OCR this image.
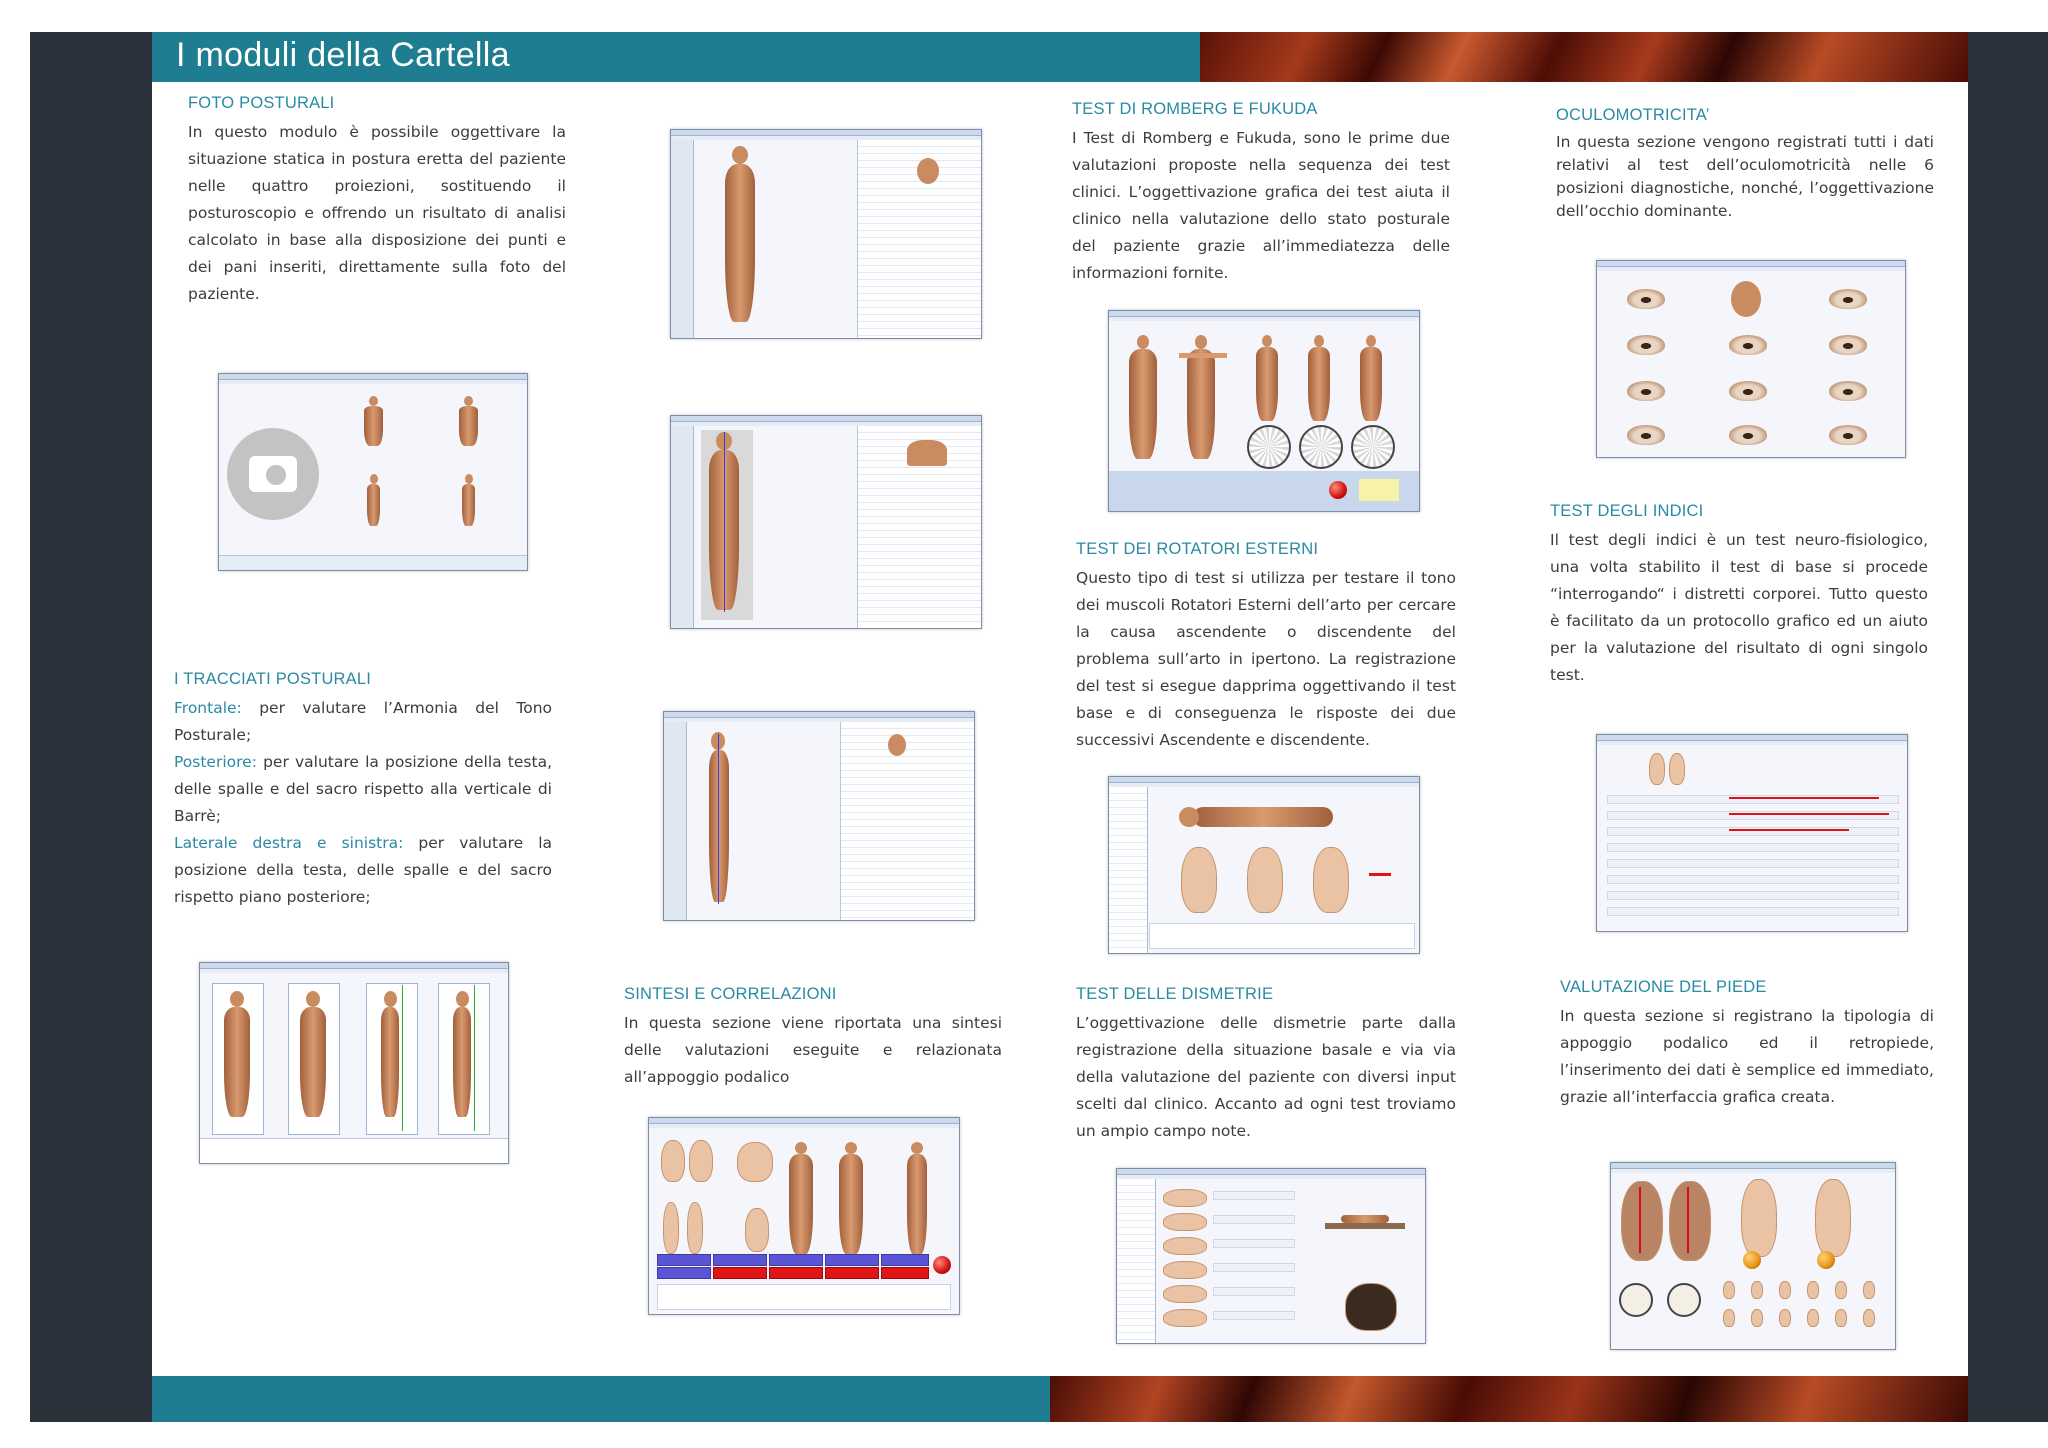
I moduli della Cartella
FOTO POSTURALI

In questo modulo è possibile oggettivare la situazione statica in postura eretta del paziente nelle quattro proiezioni, sostituendo il posturoscopio e offrendo un risultato di analisi calcolato in base alla disposizione dei punti e dei pani inseriti, direttamente sulla foto del paziente.

I TRACCIATI POSTURALI

Frontale: per valutare l’Armonia del Tono Posturale;

Posteriore: per valutare la posizione della testa, delle spalle e del sacro rispetto alla verticale di Barrè;

Laterale destra e sinistra: per valutare la posizione della testa, delle spalle e del sacro rispetto piano posteriore;

SINTESI E CORRELAZIONI

In questa sezione viene riportata una sintesi delle valutazioni eseguite e relazionata all’appoggio podalico

TEST DI ROMBERG E FUKUDA

I Test di Romberg e Fukuda, sono le prime due valutazioni proposte nella sequenza dei test clinici. L’oggettivazione grafica dei test aiuta il clinico nella valutazione dello stato posturale del paziente grazie all’immediatezza delle informazioni fornite.

TEST DEI ROTATORI ESTERNI

Questo tipo di test si utilizza per testare il tono dei muscoli Rotatori Esterni dell’arto per cercare la causa ascendente o discendente del problema sull’arto in ipertono. La registrazione del test si esegue dapprima oggettivando il test base e di conseguenza le risposte dei due successivi Ascendente e discendente.

TEST DELLE DISMETRIE

L’oggettivazione delle dismetrie parte dalla registrazione della situazione basale e via via della valutazione del paziente con diversi input scelti dal clinico. Accanto ad ogni test troviamo un ampio campo note.

OCULOMOTRICITA’

In questa sezione vengono registrati tutti i dati relativi al test dell’oculomotricità nelle 6 posizioni diagnostiche, nonché, l’oggettivazione dell’occhio dominante.

TEST DEGLI INDICI

Il test degli indici è un test neuro-fisiologico, una volta stabilito il test di base si procede “interrogando“ i distretti corporei. Tutto questo è facilitato da un protocollo grafico ed un aiuto per la valutazione del risultato di ogni singolo test.

VALUTAZIONE DEL PIEDE

In questa sezione si registrano la tipologia di appoggio podalico ed il retropiede, l’inserimento dei dati è semplice ed immediato, grazie all’interfaccia grafica creata.
